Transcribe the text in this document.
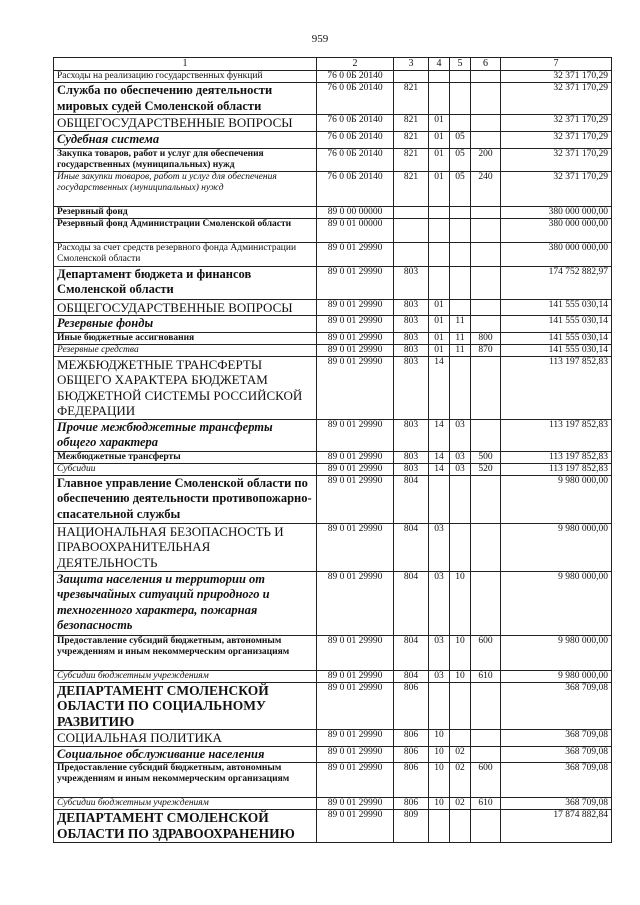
959
1	2	3	4	5	6	7
Расходы на реализацию государственных функций	76 0 0Б 20140					32 371 170,29
Служба по обеспечению деятельности мировых судей Смоленской области	76 0 0Б 20140	821				32 371 170,29
ОБЩЕГОСУДАРСТВЕННЫЕ ВОПРОСЫ	76 0 0Б 20140	821	01			32 371 170,29
Судебная система	76 0 0Б 20140	821	01	05		32 371 170,29
Закупка товаров, работ и услуг для обеспечения государственных (муниципальных) нужд	76 0 0Б 20140	821	01	05	200	32 371 170,29
Иные закупки товаров, работ и услуг для обеспечения государственных (муниципальных) нужд	76 0 0Б 20140	821	01	05	240	32 371 170,29
Резервный фонд	89 0 00 00000					380 000 000,00
Резервный фонд Администрации Смоленской области	89 0 01 00000					380 000 000,00
Расходы за счет средств резервного фонда Администрации Смоленской области	89 0 01 29990					380 000 000,00
Департамент бюджета и финансов Смоленской области	89 0 01 29990	803				174 752 882,97
ОБЩЕГОСУДАРСТВЕННЫЕ ВОПРОСЫ	89 0 01 29990	803	01			141 555 030,14
Резервные фонды	89 0 01 29990	803	01	11		141 555 030,14
Иные бюджетные ассигнования	89 0 01 29990	803	01	11	800	141 555 030,14
Резервные средства	89 0 01 29990	803	01	11	870	141 555 030,14
МЕЖБЮДЖЕТНЫЕ ТРАНСФЕРТЫ ОБЩЕГО ХАРАКТЕРА БЮДЖЕТАМ БЮДЖЕТНОЙ СИСТЕМЫ РОССИЙСКОЙ ФЕДЕРАЦИИ	89 0 01 29990	803	14			113 197 852,83
Прочие межбюджетные трансферты общего характера	89 0 01 29990	803	14	03		113 197 852,83
Межбюджетные трансферты	89 0 01 29990	803	14	03	500	113 197 852,83
Субсидии	89 0 01 29990	803	14	03	520	113 197 852,83
Главное управление Смоленской области по обеспечению деятельности противопожарно-спасательной службы	89 0 01 29990	804				9 980 000,00
НАЦИОНАЛЬНАЯ БЕЗОПАСНОСТЬ И ПРАВООХРАНИТЕЛЬНАЯ ДЕЯТЕЛЬНОСТЬ	89 0 01 29990	804	03			9 980 000,00
Защита населения и территории от чрезвычайных ситуаций природного и техногенного характера, пожарная безопасность	89 0 01 29990	804	03	10		9 980 000,00
Предоставление субсидий бюджетным, автономным учреждениям и иным некоммерческим организациям	89 0 01 29990	804	03	10	600	9 980 000,00
Субсидии бюджетным учреждениям	89 0 01 29990	804	03	10	610	9 980 000,00
ДЕПАРТАМЕНТ СМОЛЕНСКОЙ ОБЛАСТИ ПО СОЦИАЛЬНОМУ РАЗВИТИЮ	89 0 01 29990	806				368 709,08
СОЦИАЛЬНАЯ ПОЛИТИКА	89 0 01 29990	806	10			368 709,08
Социальное обслуживание населения	89 0 01 29990	806	10	02		368 709,08
Предоставление субсидий бюджетным, автономным учреждениям и иным некоммерческим организациям	89 0 01 29990	806	10	02	600	368 709,08
Субсидии бюджетным учреждениям	89 0 01 29990	806	10	02	610	368 709,08
ДЕПАРТАМЕНТ СМОЛЕНСКОЙ ОБЛАСТИ ПО ЗДРАВООХРАНЕНИЮ	89 0 01 29990	809				17 874 882,84
